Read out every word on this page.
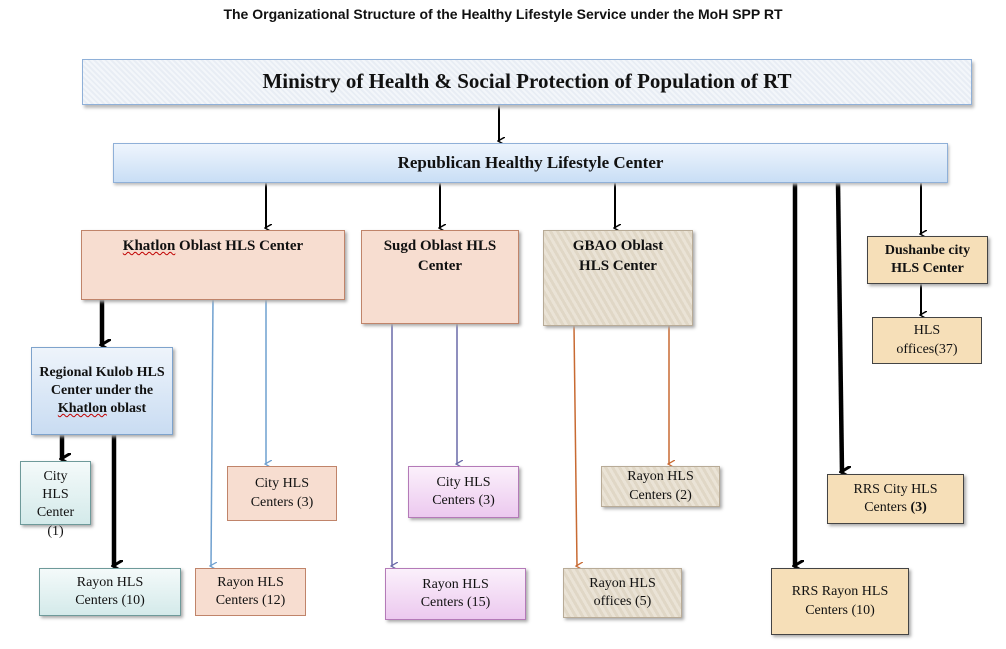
The Organizational Structure of the Healthy Lifestyle Service under the MoH SPP RT
Ministry of Health & Social Protection of Population of RT
Republican Healthy Lifestyle Center
Khatlon Oblast HLS Center	Sugd Oblast HLS Center
GBAO Oblast HLS Center
Dushanbe city HLS Center
HLS offices(37)
Regional Kulob HLS Center under the Khatlon oblast
City HLS Center (1)
Rayon HLS Centers (10)
City HLS Centers (3)
Rayon HLS Centers (12)
City HLS Centers (3)
Rayon HLS Centers (15)
Rayon HLS Centers (2)
Rayon HLS offices (5)
RRS City HLS Centers (3)
RRS Rayon HLS Centers (10)
